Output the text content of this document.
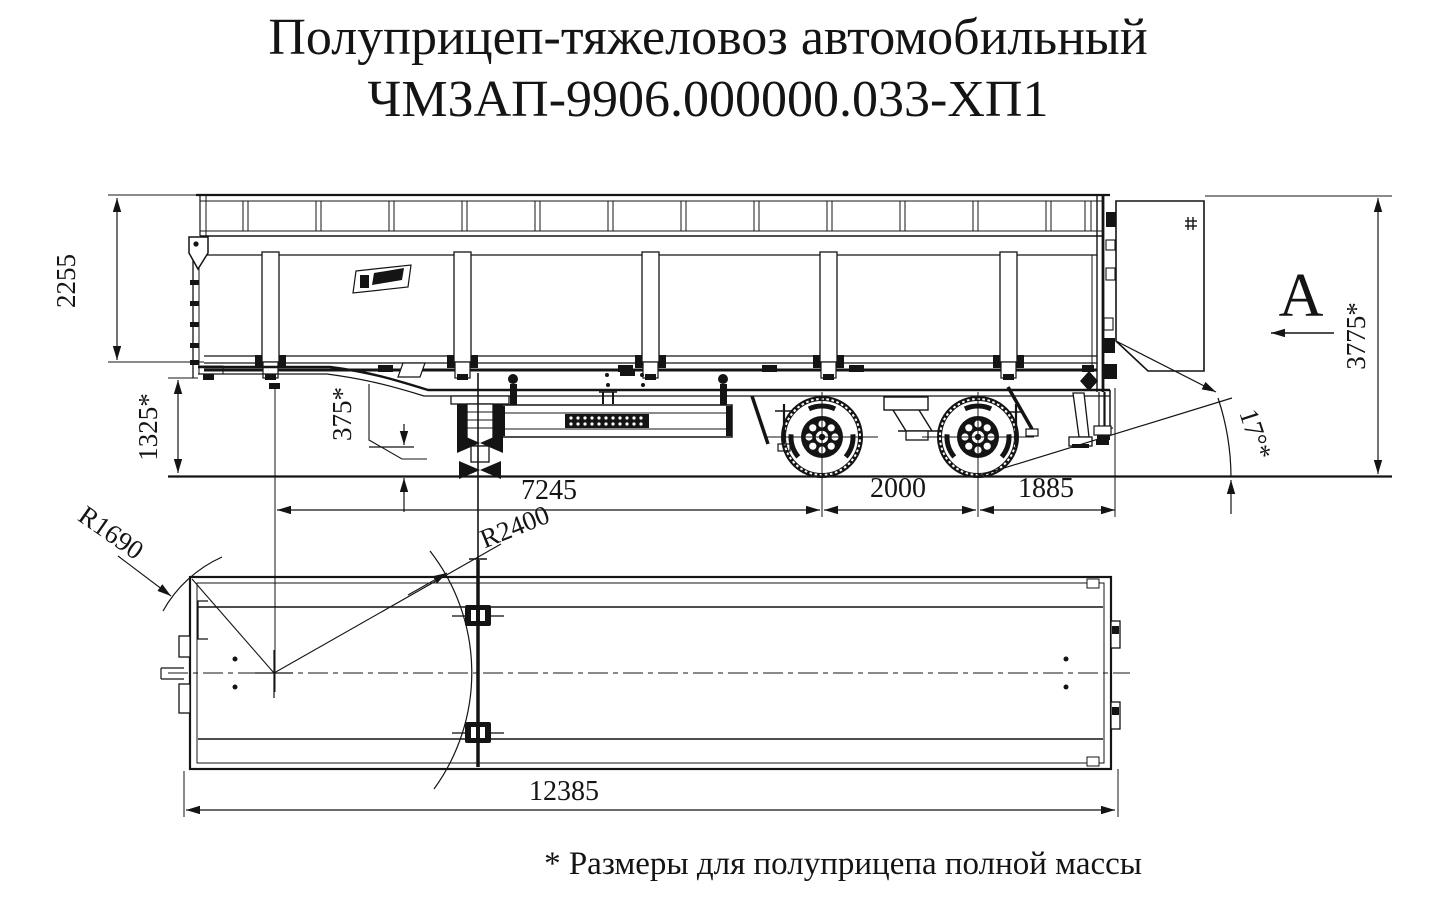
Полуприцеп-тяжеловоз автомобильный
ЧМЗАП-9906.000000.033-ХП1
2255
1325*	375*
3775*
7245	2000	1885
12385
17°*
R1690	R2400
А
* Размеры для полуприцепа полной массы
